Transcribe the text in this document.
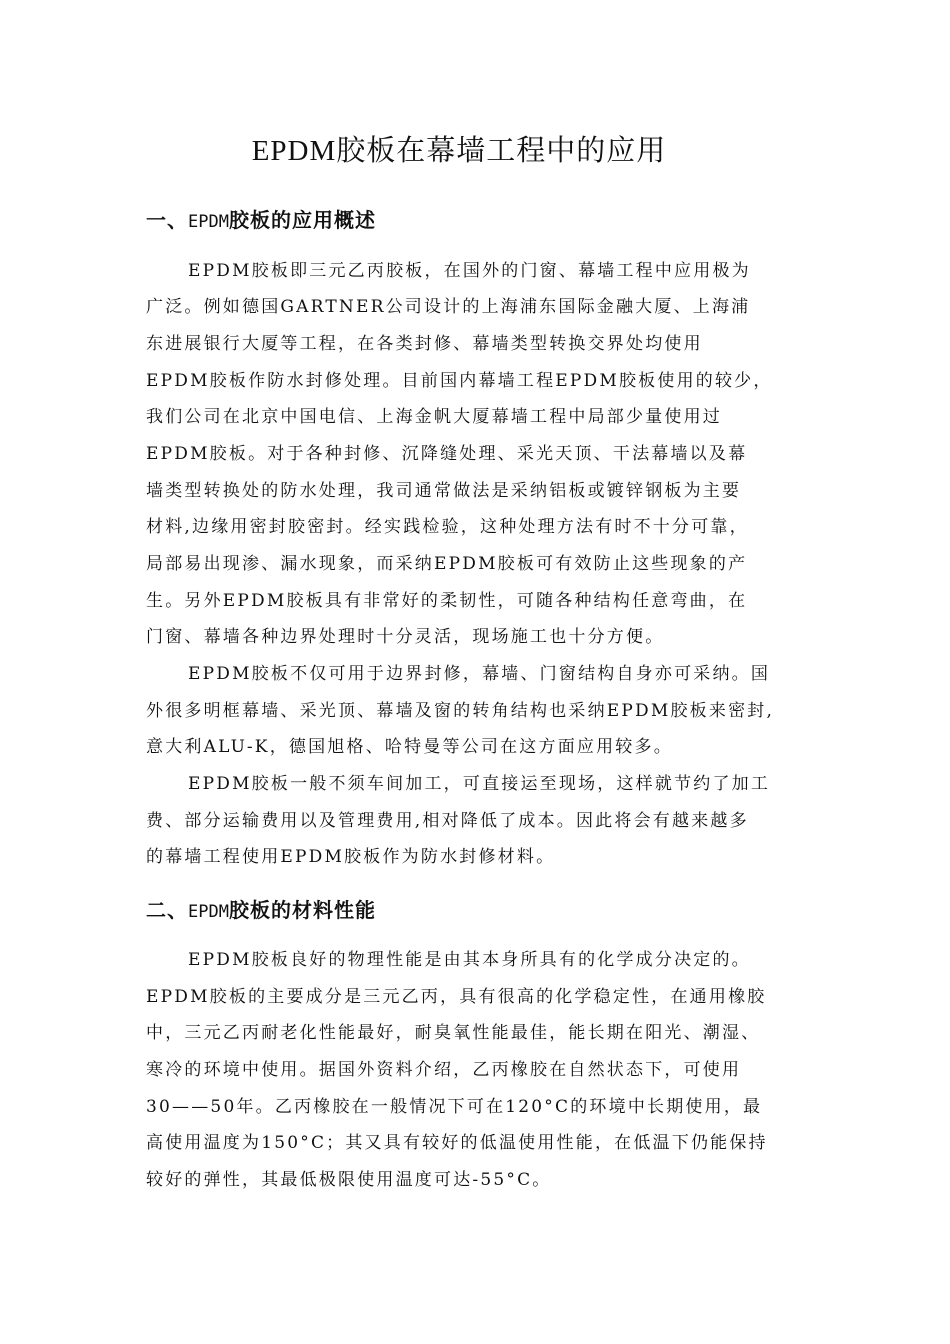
EPDM胶板在幕墙工程中的应用
一、EPDM胶板的应用概述
EPDM胶板即三元乙丙胶板，在国外的门窗、幕墙工程中应用极为
广泛。例如德国GARTNER公司设计的上海浦东国际金融大厦、上海浦
东进展银行大厦等工程，在各类封修、幕墙类型转换交界处均使用
EPDM胶板作防水封修处理。目前国内幕墙工程EPDM胶板使用的较少，
我们公司在北京中国电信、上海金帆大厦幕墙工程中局部少量使用过
EPDM胶板。对于各种封修、沉降缝处理、采光天顶、干法幕墙以及幕
墙类型转换处的防水处理，我司通常做法是采纳铝板或镀锌钢板为主要
材料,边缘用密封胶密封。经实践检验，这种处理方法有时不十分可靠，
局部易出现渗、漏水现象，而采纳EPDM胶板可有效防止这些现象的产
生。另外EPDM胶板具有非常好的柔韧性，可随各种结构任意弯曲，在
门窗、幕墙各种边界处理时十分灵活，现场施工也十分方便。
EPDM胶板不仅可用于边界封修，幕墙、门窗结构自身亦可采纳。国
外很多明框幕墙、采光顶、幕墙及窗的转角结构也采纳EPDM胶板来密封,
意大利ALU-K，德国旭格、哈特曼等公司在这方面应用较多。
EPDM胶板一般不须车间加工，可直接运至现场，这样就节约了加工
费、部分运输费用以及管理费用,相对降低了成本。因此将会有越来越多
的幕墙工程使用EPDM胶板作为防水封修材料。
二、EPDM胶板的材料性能
EPDM胶板良好的物理性能是由其本身所具有的化学成分决定的。
EPDM胶板的主要成分是三元乙丙，具有很高的化学稳定性，在通用橡胶
中，三元乙丙耐老化性能最好，耐臭氧性能最佳，能长期在阳光、潮湿、
寒冷的环境中使用。据国外资料介绍，乙丙橡胶在自然状态下，可使用
30——50年。乙丙橡胶在一般情况下可在120°C的环境中长期使用，最
高使用温度为150°C；其又具有较好的低温使用性能，在低温下仍能保持
较好的弹性，其最低极限使用温度可达-55°C。
